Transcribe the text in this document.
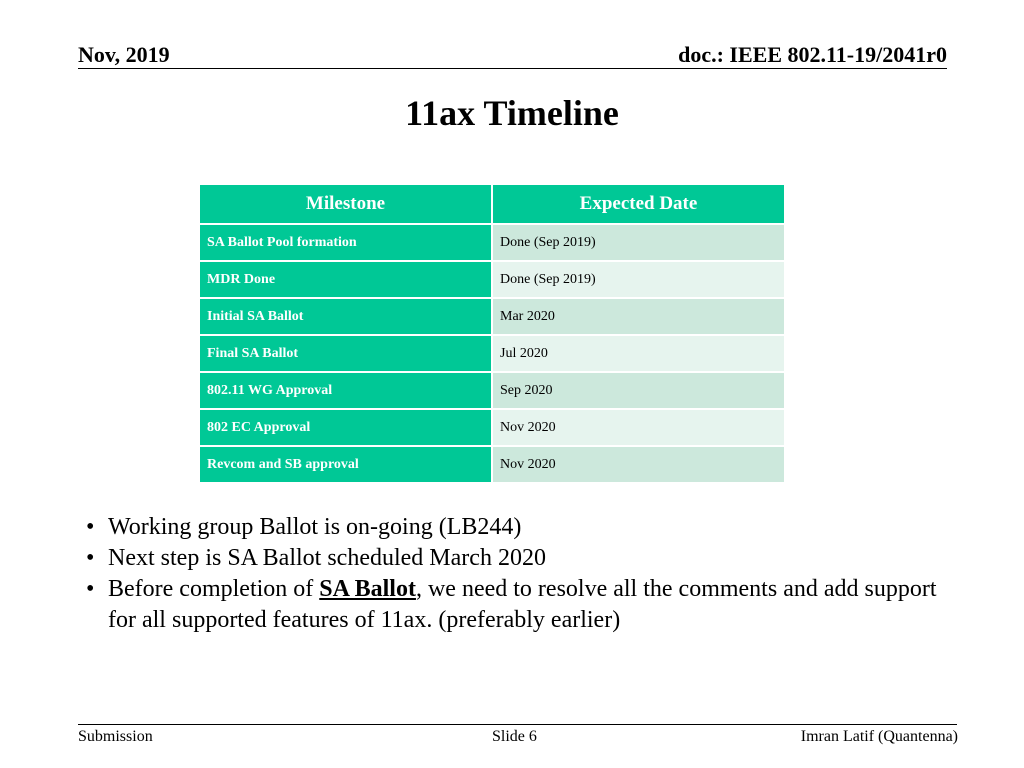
Nov, 2019	doc.: IEEE 802.11-19/2041r0
11ax Timeline
Milestone	Expected Date
SA Ballot Pool formation	Done (Sep 2019)
MDR Done	Done (Sep 2019)
Initial SA Ballot	Mar 2020
Final SA Ballot	Jul 2020
802.11 WG Approval	Sep 2020
802 EC Approval	Nov 2020
Revcom and SB approval	Nov 2020
• Working group Ballot is on-going (LB244)
• Next step is SA Ballot scheduled March 2020
• Before completion of SA Ballot, we need to resolve all the comments and add support for all supported features of 11ax. (preferably earlier)
Submission	Slide 6	Imran Latif (Quantenna)
